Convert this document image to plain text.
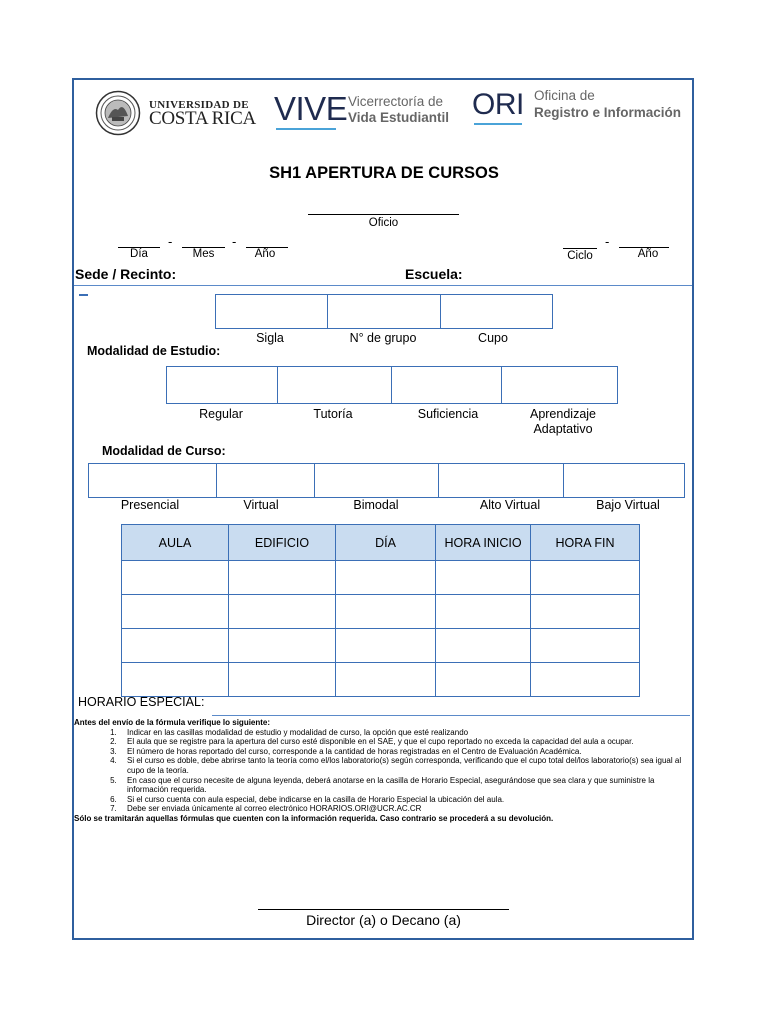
UNIVERSIDAD DE
COSTA RICA VIVE Vicerrectoría de
Vida Estudiantil ORI Oficina de
Registro e Información
SH1 APERTURA DE CURSOS
Oficio
Día
-
Mes
-
Año	Ciclo
-
Año
Sede / Recinto:	Escuela:
Sigla	N° de grupo	Cupo
Modalidad de Estudio:
Regular	Tutoría	Suficiencia	Aprendizaje
Adaptativo
Modalidad de Curso:
Presencial	Virtual	Bimodal	Alto Virtual	Bajo Virtual
AULA	EDIFICIO	DÍA	HORA INICIO	HORA FIN

HORARIO ESPECIAL:
Antes del envío de la fórmula verifique lo siguiente:
1. Indicar en las casillas modalidad de estudio y modalidad de curso, la opción que esté realizando
2. El aula que se registre para la apertura del curso esté disponible en el SAE, y que el cupo reportado no exceda la capacidad del aula a ocupar.
3. El número de horas reportado del curso, corresponde a la cantidad de horas registradas en el Centro de Evaluación Académica.
4. Si el curso es doble, debe abrirse tanto la teoría como el/los laboratorio(s) según corresponda, verificando que el cupo total del/los laboratorio(s) sea igual al cupo de la teoría.
5. En caso que el curso necesite de alguna leyenda, deberá anotarse en la casilla de Horario Especial, asegurándose que sea clara y que suministre la información requerida.
6. Si el curso cuenta con aula especial, debe indicarse en la casilla de Horario Especial la ubicación del aula.
7. Debe ser enviada únicamente al correo electrónico HORARIOS.ORI@UCR.AC.CR
Sólo se tramitarán aquellas fórmulas que cuenten con la información requerida. Caso contrario se procederá a su devolución.
Director (a) o Decano (a)
